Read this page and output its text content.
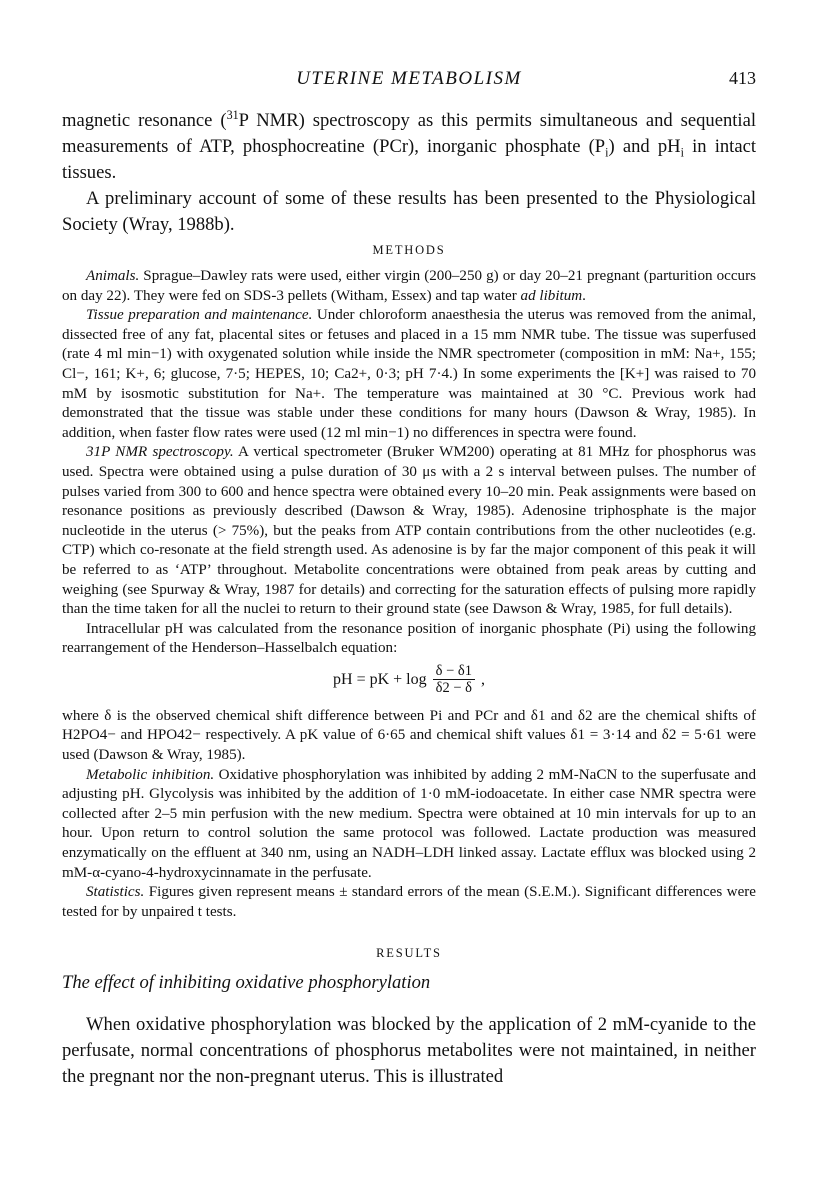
UTERINE METABOLISM	413

magnetic resonance ($^{31}$P NMR) spectroscopy as this permits simultaneous and sequential measurements of ATP, phosphocreatine (PCr), inorganic phosphate $(P_i)$ and $pH_i$ in intact tissues.

A preliminary account of some of these results has been presented to the Physiological Society (Wray, 1988b).

METHODS

Animals. Sprague–Dawley rats were used, either virgin (200–250 g) or day 20–21 pregnant (parturition occurs on day 22). They were fed on SDS-3 pellets (Witham, Essex) and tap water ad libitum.

Tissue preparation and maintenance. Under chloroform anaesthesia the uterus was removed from the animal, dissected free of any fat, placental sites or fetuses and placed in a 15 mm NMR tube. The tissue was superfused (rate 4 ml min−1) with oxygenated solution while inside the NMR spectrometer (composition in mM: Na+, 155; Cl−, 161; K+, 6; glucose, 7·5; HEPES, 10; Ca2+, 0·3; pH 7·4.) In some experiments the [K+] was raised to 70 mM by isosmotic substitution for Na+. The temperature was maintained at 30 °C. Previous work had demonstrated that the tissue was stable under these conditions for many hours (Dawson & Wray, 1985). In addition, when faster flow rates were used (12 ml min−1) no differences in spectra were found.

31P NMR spectroscopy. A vertical spectrometer (Bruker WM200) operating at 81 MHz for phosphorus was used. Spectra were obtained using a pulse duration of 30 μs with a 2 s interval between pulses. The number of pulses varied from 300 to 600 and hence spectra were obtained every 10–20 min. Peak assignments were based on resonance positions as previously described (Dawson & Wray, 1985). Adenosine triphosphate is the major nucleotide in the uterus (> 75%), but the peaks from ATP contain contributions from the other nucleotides (e.g. CTP) which co-resonate at the field strength used. As adenosine is by far the major component of this peak it will be referred to as ‘ATP’ throughout. Metabolite concentrations were obtained from peak areas by cutting and weighing (see Spurway & Wray, 1987 for details) and correcting for the saturation effects of pulsing more rapidly than the time taken for all the nuclei to return to their ground state (see Dawson & Wray, 1985, for full details).

Intracellular pH was calculated from the resonance position of inorganic phosphate (Pi) using the following rearrangement of the Henderson–Hasselbalch equation:

pH = pK + $\log \frac{\delta - \delta 1}{\delta 2 - \delta}$ ,

where δ is the observed chemical shift difference between Pi and PCr and δ1 and δ2 are the chemical shifts of H2PO4− and HPO42− respectively. A pK value of 6·65 and chemical shift values δ1 = 3·14 and δ2 = 5·61 were used (Dawson & Wray, 1985).

Metabolic inhibition. Oxidative phosphorylation was inhibited by adding 2 mM-NaCN to the superfusate and adjusting pH. Glycolysis was inhibited by the addition of 1·0 mM-iodoacetate. In either case NMR spectra were collected after 2–5 min perfusion with the new medium. Spectra were obtained at 10 min intervals for up to an hour. Upon return to control solution the same protocol was followed. Lactate production was measured enzymatically on the effluent at 340 nm, using an NADH–LDH linked assay. Lactate efflux was blocked using 2 mM-α-cyano-4-hydroxycinnamate in the perfusate.

Statistics. Figures given represent means ± standard errors of the mean (S.E.M.). Significant differences were tested for by unpaired t tests.

RESULTS
The effect of inhibiting oxidative phosphorylation

When oxidative phosphorylation was blocked by the application of 2 mM-cyanide to the perfusate, normal concentrations of phosphorus metabolites were not maintained, in neither the pregnant nor the non-pregnant uterus. This is illustrated
